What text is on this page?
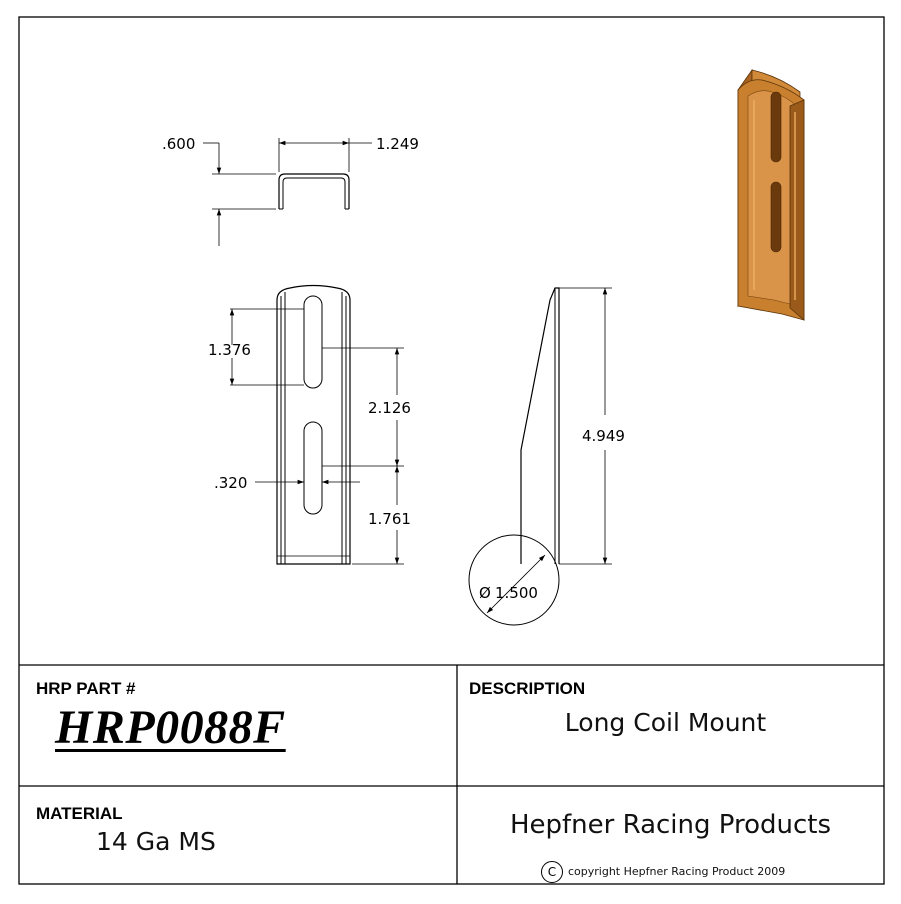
.600	1.249
1.376
2.126
.320
1.761
4.949
Ø 1.500
HRP PART #
HRP0088F
DESCRIPTION
Long Coil Mount
MATERIAL
14 Ga MS
Hepfner Racing Products
C	copyright Hepfner Racing Product 2009
